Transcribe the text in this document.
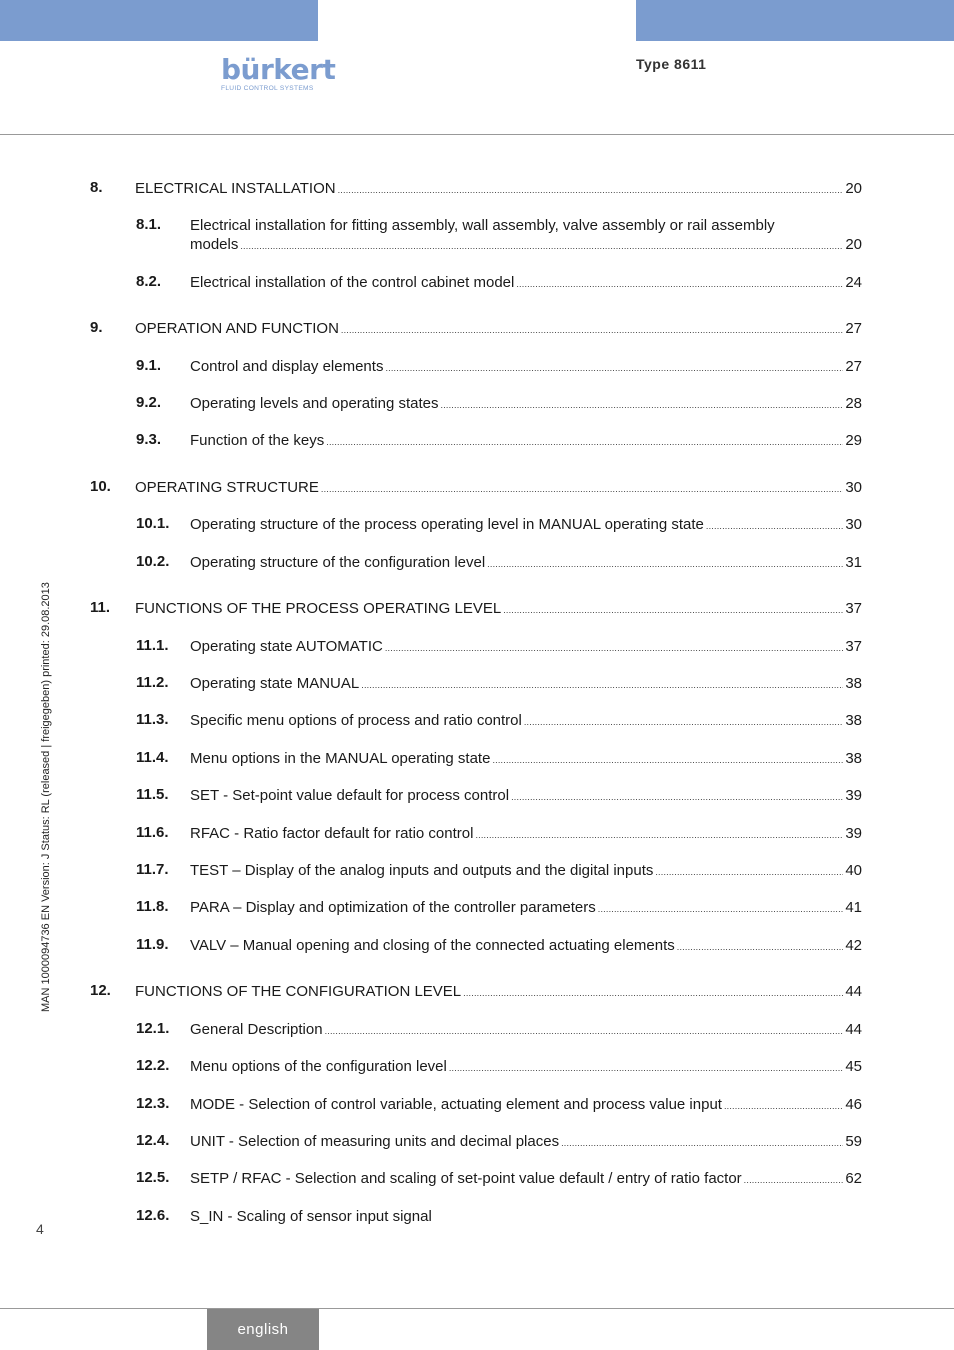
bürkert
FLUID CONTROL SYSTEMS
Type 8611
8. ELECTRICAL INSTALLATION .....	20
8.1. Electrical installation for fitting assembly, wall assembly, valve assembly or rail assembly
models .....	20
8.2. Electrical installation of the control cabinet model .....	24
9. OPERATION AND FUNCTION .....	27
9.1. Control and display elements .....	27
9.2. Operating levels and operating states .....	28
9.3. Function of the keys .....	29
10. OPERATING STRUCTURE .....	30
10.1. Operating structure of the process operating level in MANUAL operating state .....	30
10.2. Operating structure of the configuration level .....	31
11. FUNCTIONS OF THE PROCESS OPERATING LEVEL .....	37
11.1. Operating state AUTOMATIC .....	37
11.2. Operating state MANUAL .....	38
11.3. Specific menu options of process and ratio control .....	38
11.4. Menu options in the MANUAL operating state .....	38
11.5. SET - Set-point value default for process control .....	39
11.6. RFAC - Ratio factor default for ratio control .....	39
11.7. TEST – Display of the analog inputs and outputs and the digital inputs .....	40
11.8. PARA – Display and optimization of the controller parameters .....	41
11.9. VALV – Manual opening and closing of the connected actuating elements .....	42
12. FUNCTIONS OF THE CONFIGURATION LEVEL .....	44
12.1. General Description .....	44
12.2. Menu options of the configuration level .....	45
12.3. MODE - Selection of control variable, actuating element and process value input .....	46
12.4. UNIT - Selection of measuring units and decimal places .....	59
12.5. SETP / RFAC - Selection and scaling of set-point value default / entry of ratio factor .....	62
12.6. S_IN - Scaling of sensor input signal
MAN 1000094736 EN Version: J Status: RL (released | freigegeben) printed: 29.08.2013
4
english
